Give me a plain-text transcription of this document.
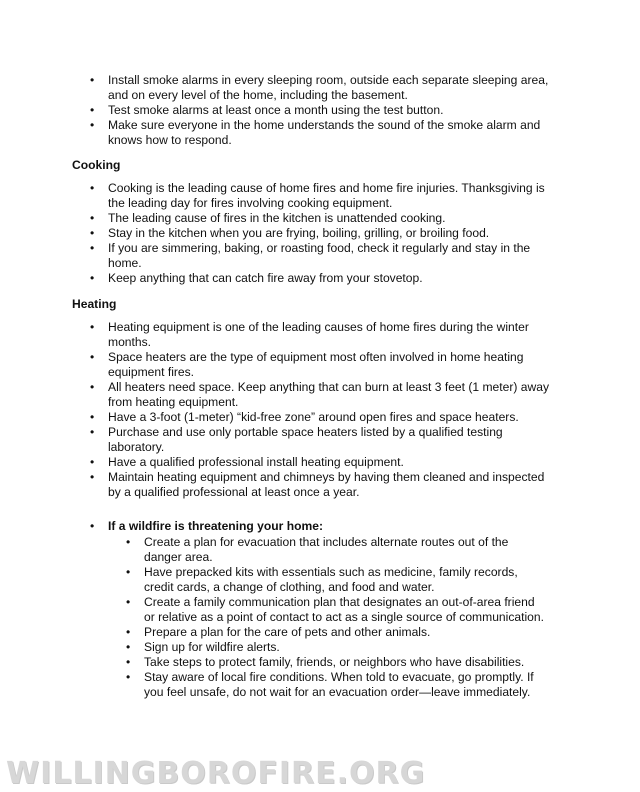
• Install smoke alarms in every sleeping room, outside each separate sleeping area, and on every level of the home, including the basement.
• Test smoke alarms at least once a month using the test button.
• Make sure everyone in the home understands the sound of the smoke alarm and knows how to respond.
Cooking
• Cooking is the leading cause of home fires and home fire injuries. Thanksgiving is the leading day for fires involving cooking equipment.
• The leading cause of fires in the kitchen is unattended cooking.
• Stay in the kitchen when you are frying, boiling, grilling, or broiling food.
• If you are simmering, baking, or roasting food, check it regularly and stay in the home.
• Keep anything that can catch fire away from your stovetop.
Heating
• Heating equipment is one of the leading causes of home fires during the winter months.
• Space heaters are the type of equipment most often involved in home heating equipment fires.
• All heaters need space. Keep anything that can burn at least 3 feet (1 meter) away from heating equipment.
• Have a 3-foot (1-meter) “kid-free zone” around open fires and space heaters.
• Purchase and use only portable space heaters listed by a qualified testing laboratory.
• Have a qualified professional install heating equipment.
• Maintain heating equipment and chimneys by having them cleaned and inspected by a qualified professional at least once a year.
• If a wildfire is threatening your home:
• Create a plan for evacuation that includes alternate routes out of the danger area.
• Have prepacked kits with essentials such as medicine, family records, credit cards, a change of clothing, and food and water.
• Create a family communication plan that designates an out-of-area friend or relative as a point of contact to act as a single source of communication.
• Prepare a plan for the care of pets and other animals.
• Sign up for wildfire alerts.
• Take steps to protect family, friends, or neighbors who have disabilities.
• Stay aware of local fire conditions. When told to evacuate, go promptly. If you feel unsafe, do not wait for an evacuation order—leave immediately.
WILLINGBOROFIRE.ORG
